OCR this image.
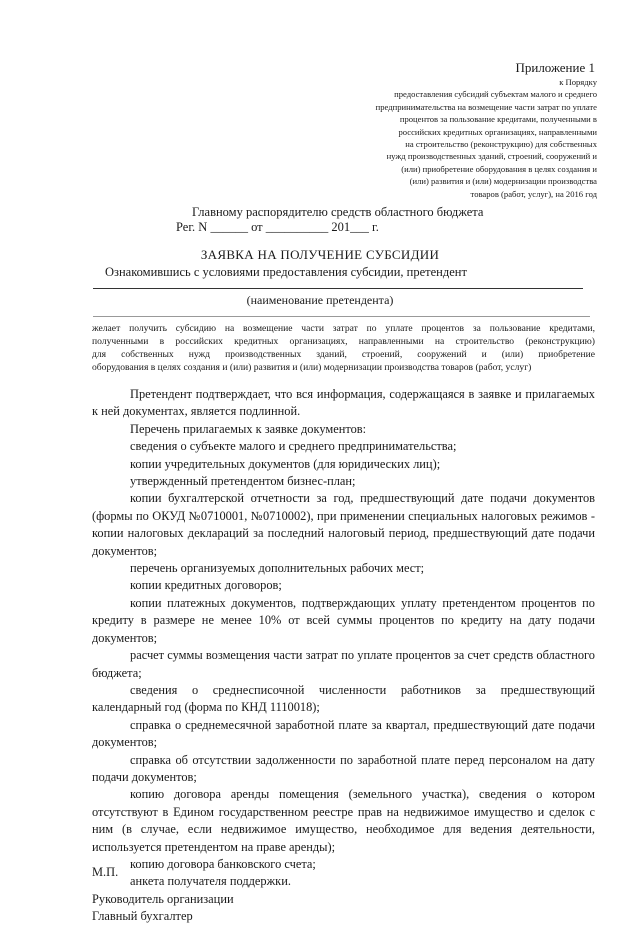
Приложение 1
к Порядку
предоставления субсидий субъектам малого и среднего
предпринимательства на возмещение части затрат по уплате
процентов за пользование кредитами, полученными в
российских кредитных организациях, направленными
на строительство (реконструкцию) для собственных
нужд производственных зданий, строений, сооружений и
(или) приобретение оборудования в целях создания и
(или) развития и (или) модернизации производства
товаров (работ, услуг), на 2016 год
Главному распорядителю средств областного бюджета
Рег. N ______ от __________ 201___ г.
ЗАЯВКА НА ПОЛУЧЕНИЕ СУБСИДИИ
Ознакомившись с условиями предоставления субсидии, претендент
(наименование претендента)
желает получить субсидию на возмещение части затрат по уплате процентов за пользование кредитами,
полученными в российских кредитных организациях, направленными на строительство (реконструкцию)
для собственных нужд производственных зданий, строений, сооружений и (или) приобретение
оборудования в целях создания и (или) развития и (или) модернизации производства товаров (работ, услуг)
Претендент подтверждает, что вся информация, содержащаяся в заявке и прилагаемых к ней документах, является подлинной.
Перечень прилагаемых к заявке документов:
сведения о субъекте малого и среднего предпринимательства;
копии учредительных документов (для юридических лиц);
утвержденный претендентом бизнес-план;
копии бухгалтерской отчетности за год, предшествующий дате подачи документов (формы по ОКУД №0710001, №0710002), при применении специальных налоговых режимов - копии налоговых деклараций за последний налоговый период, предшествующий дате подачи документов;
перечень организуемых дополнительных рабочих мест;
копии кредитных договоров;
копии платежных документов, подтверждающих уплату претендентом процентов по кредиту в размере не менее 10% от всей суммы процентов по кредиту на дату подачи документов;
расчет суммы возмещения части затрат по уплате процентов за счет средств областного бюджета;
сведения о среднесписочной численности работников за предшествующий календарный год (форма по КНД 1110018);
справка о среднемесячной заработной плате за квартал, предшествующий дате подачи документов;
справка об отсутствии задолженности по заработной плате перед персоналом на дату подачи документов;
копию договора аренды помещения (земельного участка), сведения о котором отсутствуют в Едином государственном реестре прав на недвижимое имущество и сделок с ним (в случае, если недвижимое имущество, необходимое для ведения деятельности, используется претендентом на праве аренды);
копию договора банковского счета;
анкета получателя поддержки.
Руководитель организации
Главный бухгалтер
М.П.
